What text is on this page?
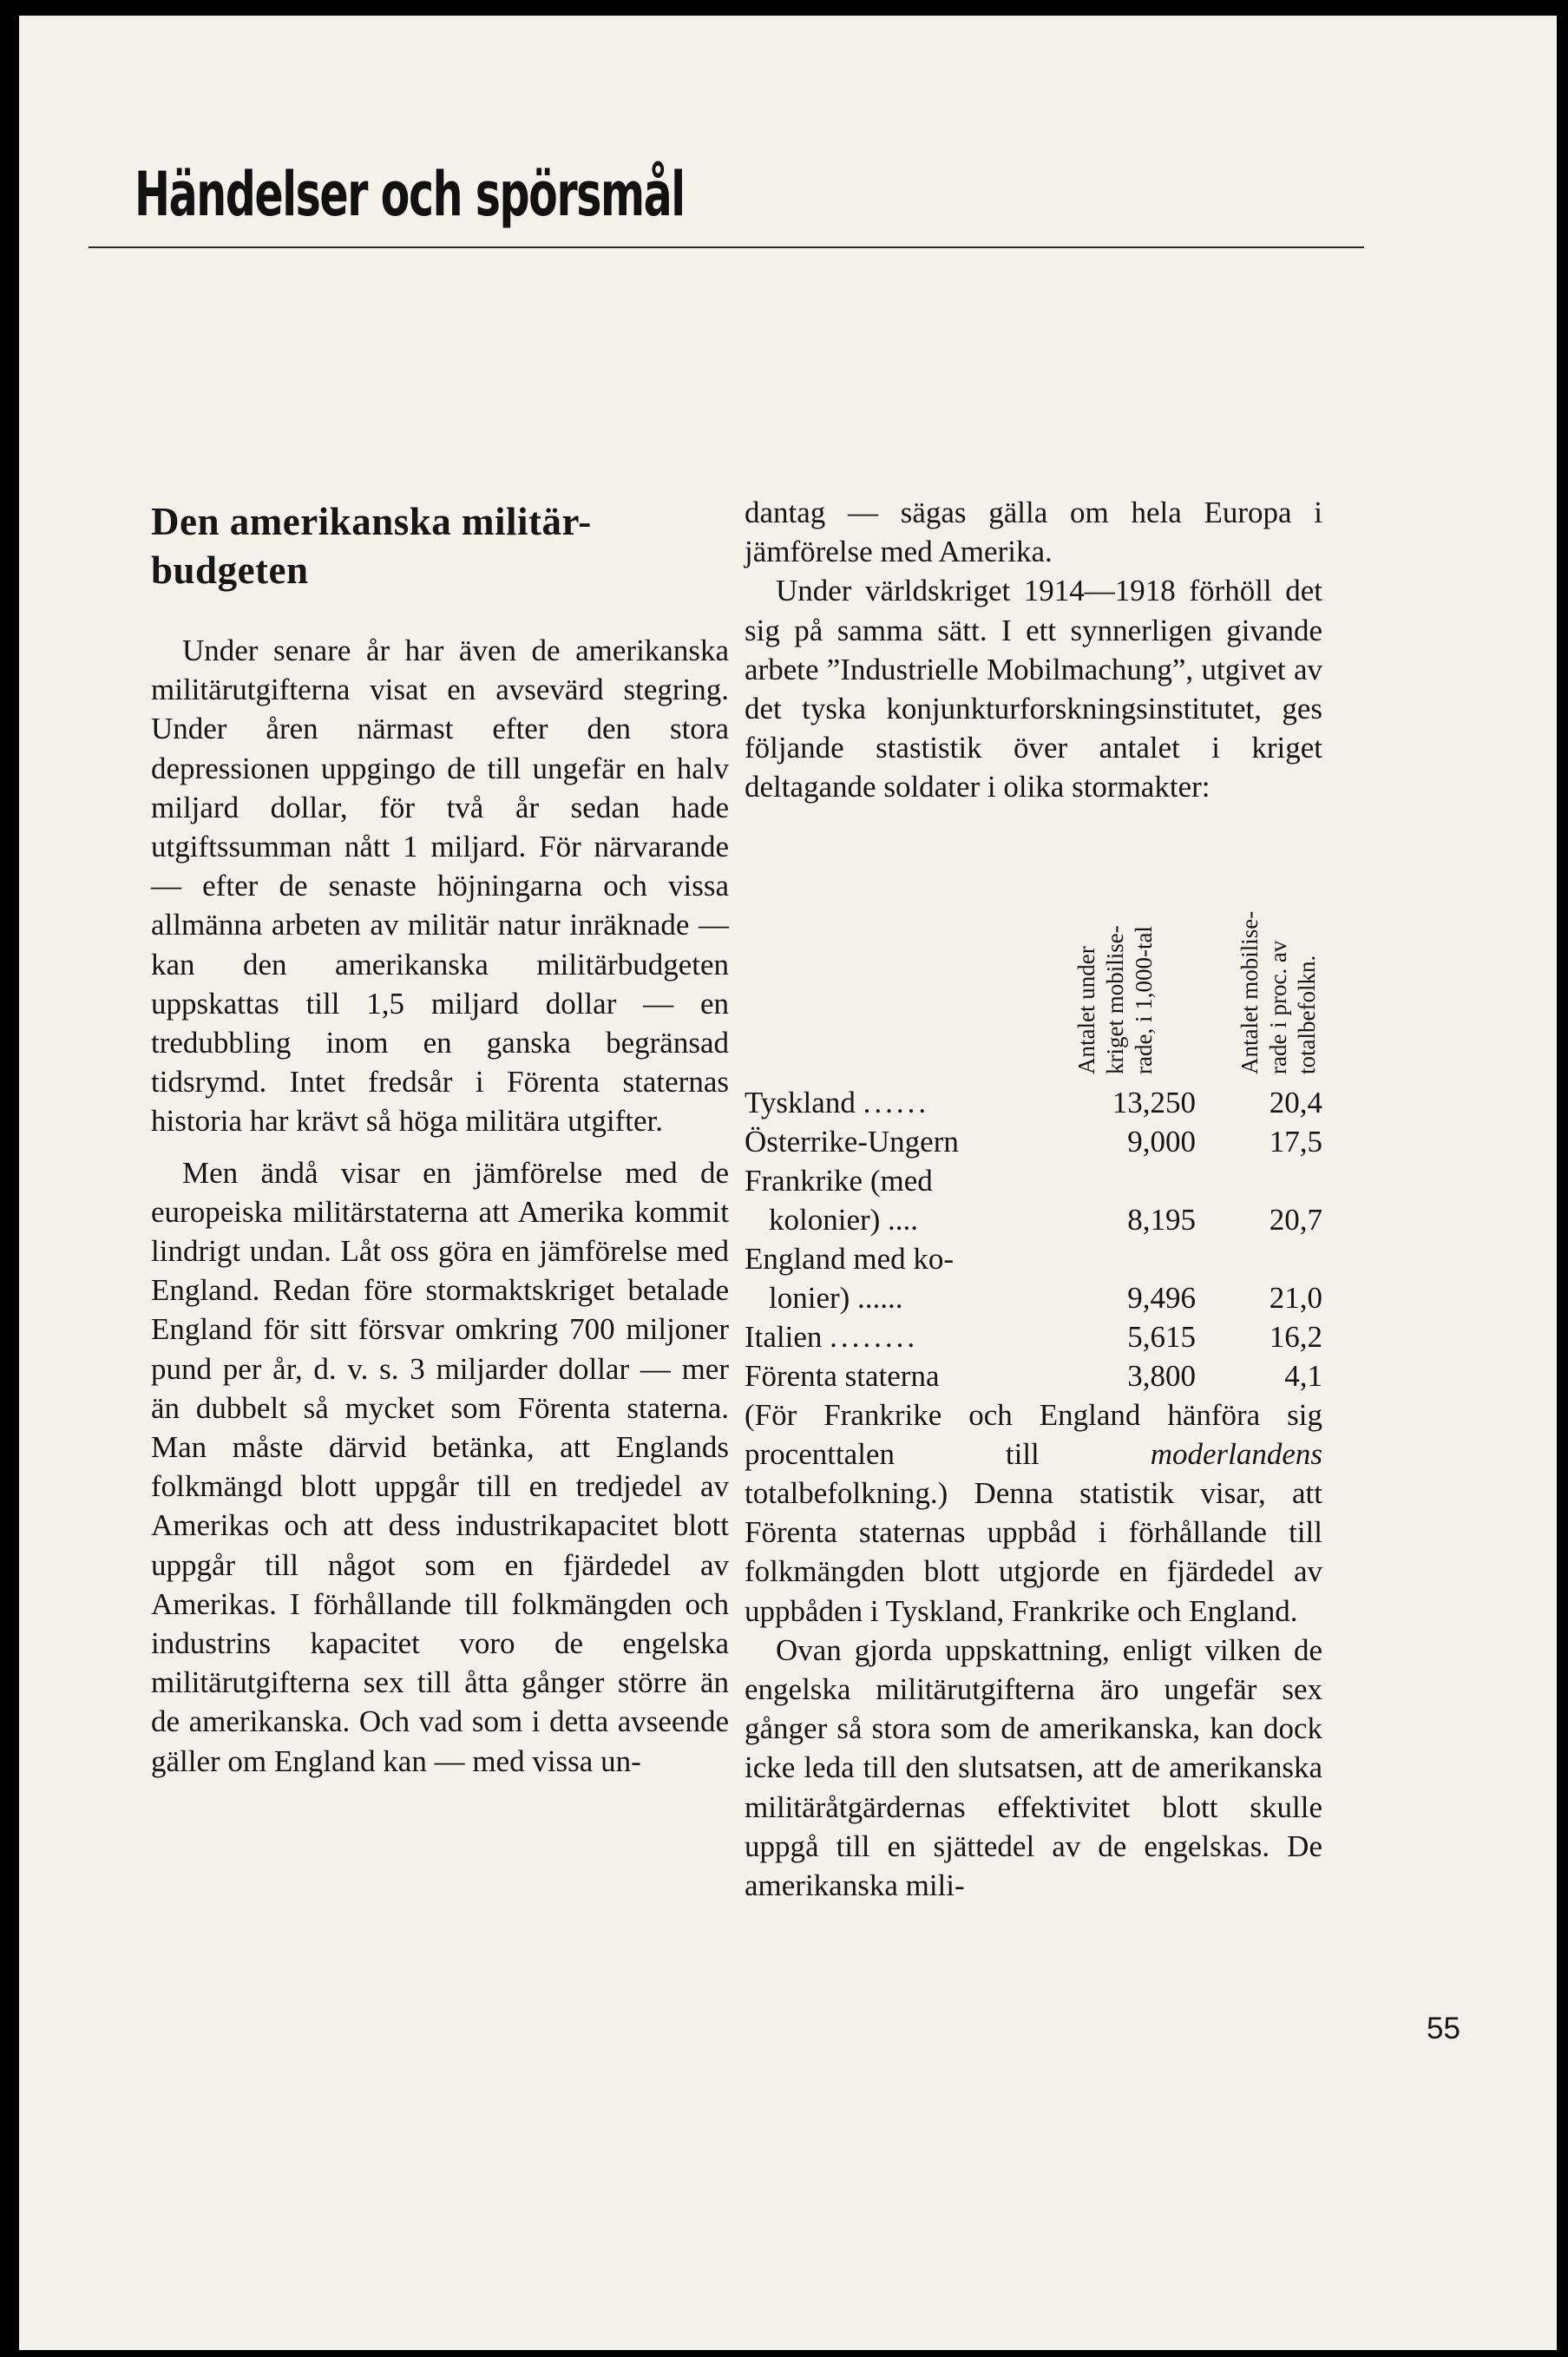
Händelser och spörsmål
Den amerikanska militär-
budgeten

Under senare år har även de amerikanska militärutgifterna visat en avsevärd stegring. Under åren närmast efter den stora depressionen uppgingo de till ungefär en halv miljard dollar, för två år sedan hade utgiftssumman nått 1 miljard. För närvarande — efter de senaste höjningarna och vissa allmänna arbeten av militär natur inräknade — kan den amerikanska militärbudgeten uppskattas till 1,5 miljard dollar — en tredubbling inom en ganska begränsad tidsrymd. Intet fredsår i Förenta staternas historia har krävt så höga militära utgifter.

Men ändå visar en jämförelse med de europeiska militärstaterna att Amerika kommit lindrigt undan. Låt oss göra en jämförelse med England. Redan före stormaktskriget betalade England för sitt försvar omkring 700 miljoner pund per år, d. v. s. 3 miljarder dollar — mer än dubbelt så mycket som Förenta staterna. Man måste därvid betänka, att Englands folkmängd blott uppgår till en tredjedel av Amerikas och att dess industrikapacitet blott uppgår till något som en fjärdedel av Amerikas. I förhållande till folkmängden och industrins kapacitet voro de engelska militärutgifterna sex till åtta gånger större än de amerikanska. Och vad som i detta avseende gäller om England kan — med vissa un-

dantag — sägas gälla om hela Europa i jämförelse med Amerika.

Under världskriget 1914—1918 förhöll det sig på samma sätt. I ett synnerligen givande arbete ”Industrielle Mobilmachung”, utgivet av det tyska konjunkturforskningsinstitutet, ges följande stastistik över antalet i kriget deltagande soldater i olika stormakter:

Antalet under
kriget mobilise-
rade, i 1,000-tal
Antalet mobilise-
rade i proc. av
totalbefolkn.
Tyskland ......	13,250	20,4
Österrike-Ungern	9,000	17,5
Frankrike (med
kolonier) ....	8,195	20,7
England med ko-
lonier) ......	9,496	21,0
Italien ........	5,615	16,2
Förenta staterna	3,800	4,1

(För Frankrike och England hänföra sig procenttalen till moderlandens totalbefolkning.) Denna statistik visar, att Förenta staternas uppbåd i förhållande till folkmängden blott utgjorde en fjärdedel av uppbåden i Tyskland, Frankrike och England.

Ovan gjorda uppskattning, enligt vilken de engelska militärutgifterna äro ungefär sex gånger så stora som de amerikanska, kan dock icke leda till den slutsatsen, att de amerikanska militäråtgärdernas effektivitet blott skulle uppgå till en sjättedel av de engelskas. De amerikanska mili-

55
